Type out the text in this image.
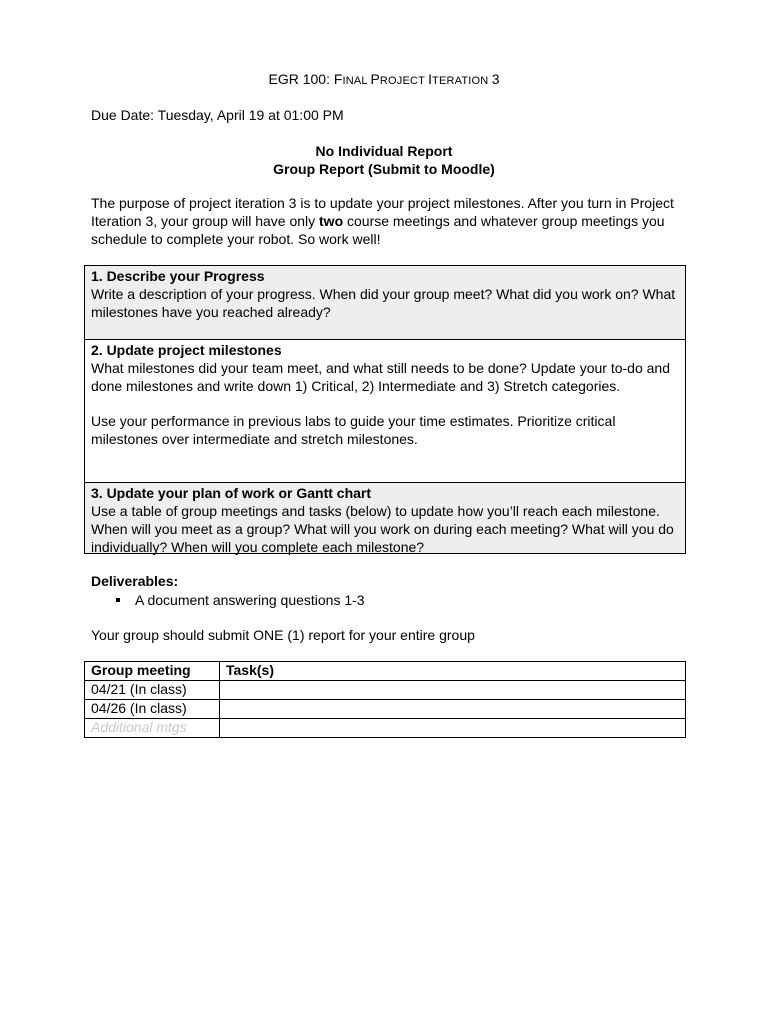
EGR 100: FINAL PROJECT ITERATION 3

Due Date: Tuesday, April 19 at 01:00 PM

No Individual Report

Group Report (Submit to Moodle)

The purpose of project iteration 3 is to update your project milestones. After you turn in Project Iteration 3, your group will have only two course meetings and whatever group meetings you schedule to complete your robot. So work well!

1. Describe your Progress

Write a description of your progress. When did your group meet? What did you work on? What milestones have you reached already?

2. Update project milestones

What milestones did your team meet, and what still needs to be done? Update your to-do and done milestones and write down 1) Critical, 2) Intermediate and 3) Stretch categories.

Use your performance in previous labs to guide your time estimates. Prioritize critical milestones over intermediate and stretch milestones.

3. Update your plan of work or Gantt chart

Use a table of group meetings and tasks (below) to update how you’ll reach each milestone. When will you meet as a group? What will you work on during each meeting? What will you do individually? When will you complete each milestone?

Deliverables:
A document answering questions 1-3

Your group should submit ONE (1) report for your entire group

Group meeting	Task(s)
04/21 (In class)	
04/26 (In class)	
Additional mtgs	
